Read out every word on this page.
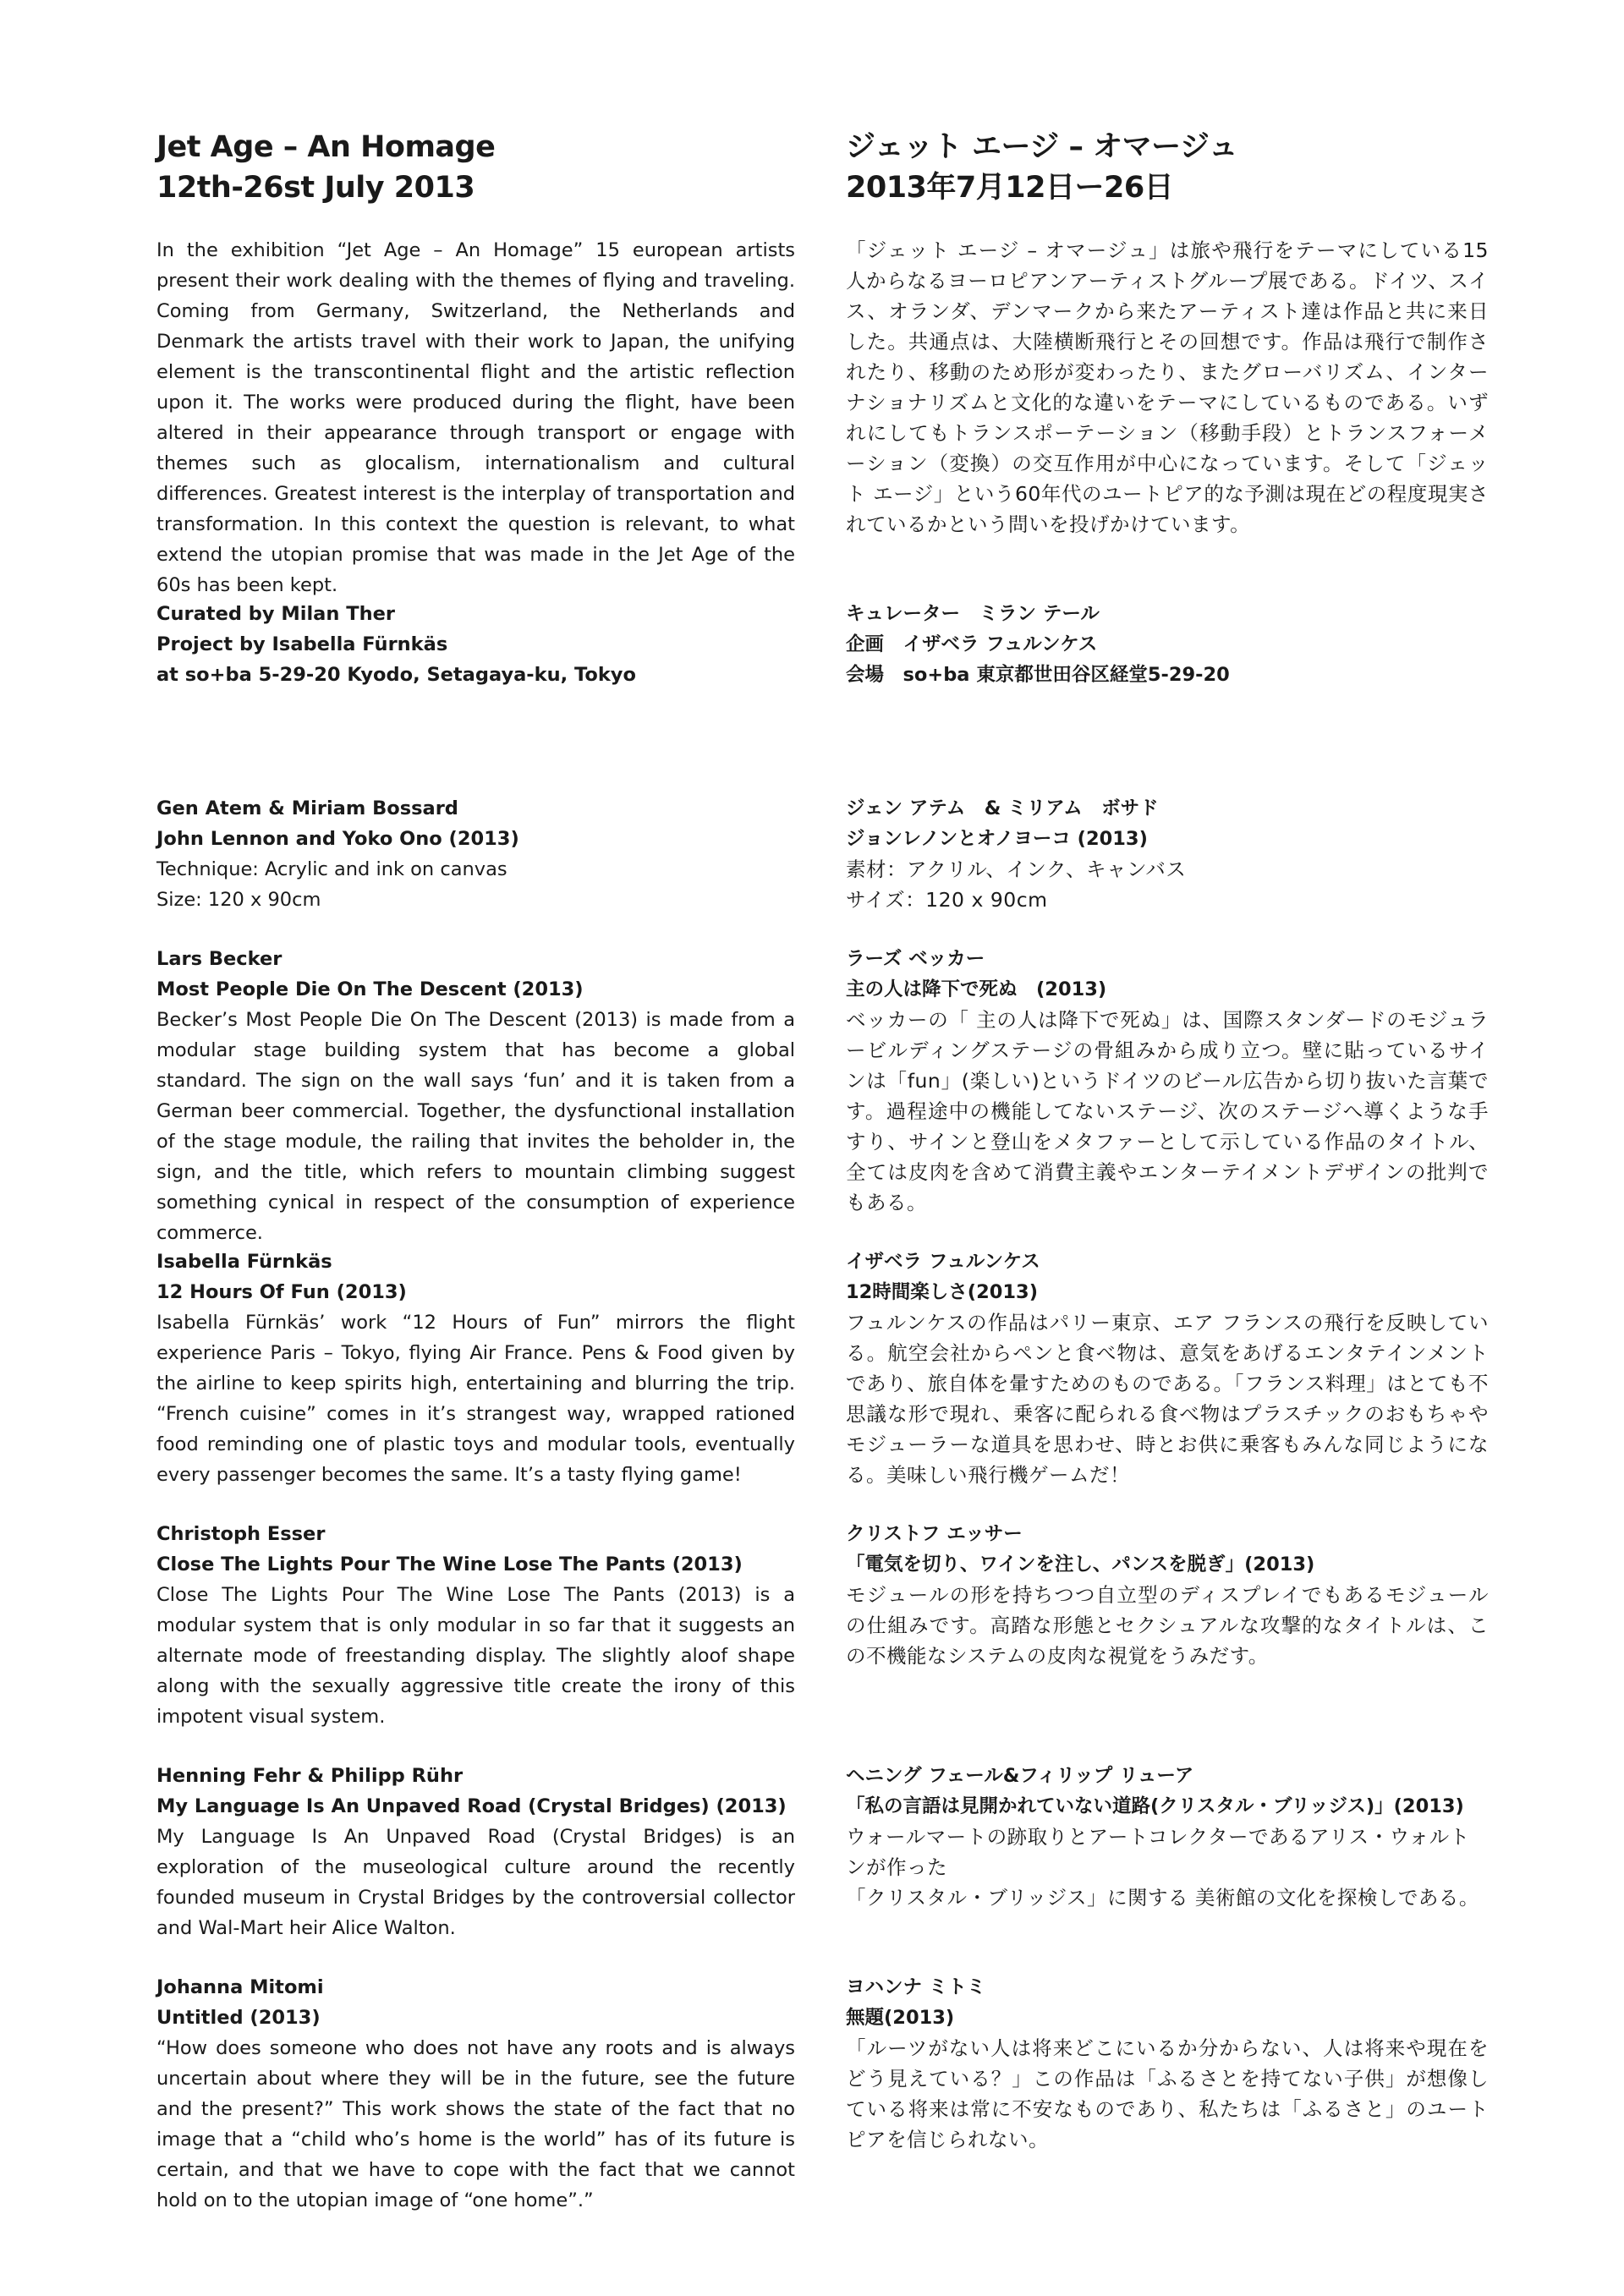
Jet Age – An Homage
12th-26st July 2013

In the exhibition “Jet Age – An Homage” 15 european artists present their work dealing with the themes of flying and traveling. Coming from Germany, Switzerland, the Netherlands and Denmark the artists travel with their work to Japan, the unifying element is the transcontinental flight and the artistic reflection upon it. The works were produced during the flight, have been altered in their appearance through transport or engage with themes such as glocalism, internationalism and cultural differences. Greatest interest is the interplay of transportation and transformation. In this context the question is relevant, to what extend the utopian promise that was made in the Jet Age of the 60s has been kept.

Curated by Milan Ther
Project by Isabella Fürnkäs
at so+ba 5-29-20 Kyodo, Setagaya-ku, Tokyo
Gen Atem & Miriam Bossard
John Lennon and Yoko Ono (2013)
Technique: Acrylic and ink on canvas
Size: 120 x 90cm
Lars Becker
Most People Die On The Descent (2013)
Becker’s Most People Die On The Descent (2013) is made from a modular stage building system that has become a global standard. The sign on the wall says ‘fun’ and it is taken from a German beer commercial. Together, the dysfunctional installation of the stage module, the railing that invites the beholder in, the sign, and the title, which refers to mountain climbing suggest something cynical in respect of the consumption of experience commerce.
Isabella Fürnkäs
12 Hours Of Fun (2013)
Isabella Fürnkäs’ work “12 Hours of Fun” mirrors the flight experience Paris – Tokyo, flying Air France. Pens & Food given by the airline to keep spirits high, entertaining and blurring the trip. “French cuisine” comes in it’s strangest way, wrapped rationed food reminding one of plastic toys and modular tools, eventually every passenger becomes the same. It’s a tasty flying game!
Christoph Esser
Close The Lights Pour The Wine Lose The Pants (2013)
Close The Lights Pour The Wine Lose The Pants (2013) is a modular system that is only modular in so far that it suggests an alternate mode of freestanding display. The slightly aloof shape along with the sexually aggressive title create the irony of this impotent visual system.
Henning Fehr & Philipp Rühr
My Language Is An Unpaved Road (Crystal Bridges) (2013)
My Language Is An Unpaved Road (Crystal Bridges) is an exploration of the museological culture around the recently founded museum in Crystal Bridges by the controversial collector and Wal-Mart heir Alice Walton.
Johanna Mitomi
Untitled (2013)
“How does someone who does not have any roots and is always uncertain about where they will be in the future, see the future and the present?” This work shows the state of the fact that no image that a “child who’s home is the world” has of its future is certain, and that we have to cope with the fact that we cannot hold on to the utopian image of “one home”.”
ジェット エージ – オマージュ
2013年7月12日ー26日

「ジェット エージ – オマージュ」は旅や飛行をテーマにしている15人からなるヨーロピアンアーティストグループ展である。ドイツ、スイス、オランダ、デンマークから来たアーティスト達は作品と共に来日した。共通点は、大陸横断飛行とその回想です。作品は飛行で制作されたり、移動のため形が変わったり、またグローバリズム、インターナショナリズムと文化的な違いをテーマにしているものである。いずれにしてもトランスポーテーション（移動手段）とトランスフォーメーション（変換）の交互作用が中心になっています。そして「ジェット エージ」という60年代のユートピア的な予測は現在どの程度現実されているかという問いを投げかけています。

キュレーター　ミラン テール
企画　イザベラ フュルンケス
会場　so+ba 東京都世田谷区経堂5-29-20
ジェン アテム　& ミリアム　ボサド
ジョンレノンとオノヨーコ (2013)
素材：アクリル、インク、キャンバス
サイズ：120 x 90cm
ラーズ ベッカー
主の人は降下で死ぬ　(2013)
ベッカーの「 主の人は降下で死ぬ」は、国際スタンダードのモジュラービルディングステージの骨組みから成り立つ。壁に貼っているサインは「fun」(楽しい)というドイツのビール広告から切り抜いた言葉です。過程途中の機能してないステージ、次のステージへ導くような手すり、サインと登山をメタファーとして示している作品のタイトル、全ては皮肉を含めて消費主義やエンターテイメントデザインの批判でもある。
イザベラ フュルンケス
12時間楽しさ(2013)
フュルンケスの作品はパリー東京、エア フランスの飛行を反映している。航空会社からペンと食べ物は、意気をあげるエンタテインメントであり、旅自体を暈すためのものである。「フランス料理」はとても不思議な形で現れ、乗客に配られる食べ物はプラスチックのおもちゃやモジューラーな道具を思わせ、時とお供に乗客もみんな同じようになる。美味しい飛行機ゲームだ！
クリストフ エッサー
「電気を切り、ワインを注し、パンスを脱ぎ」(2013)
モジュールの形を持ちつつ自立型のディスプレイでもあるモジュールの仕組みです。高踏な形態とセクシュアルな攻撃的なタイトルは、この不機能なシステムの皮肉な視覚をうみだす。
ヘニング フェール&フィリップ リューア
「私の言語は見開かれていない道路(クリスタル・ブリッジス)」(2013)
ウォールマートの跡取りとアートコレクターであるアリス・ウォルトンが作った
「クリスタル・ブリッジス」に関する 美術館の文化を探検しである。
ヨハンナ ミトミ
無題(2013)
「ルーツがない人は将来どこにいるか分からない、人は将来や現在をどう見えている？」この作品は「ふるさとを持てない子供」が想像している将来は常に不安なものであり、私たちは「ふるさと」のユートピアを信じられない。
